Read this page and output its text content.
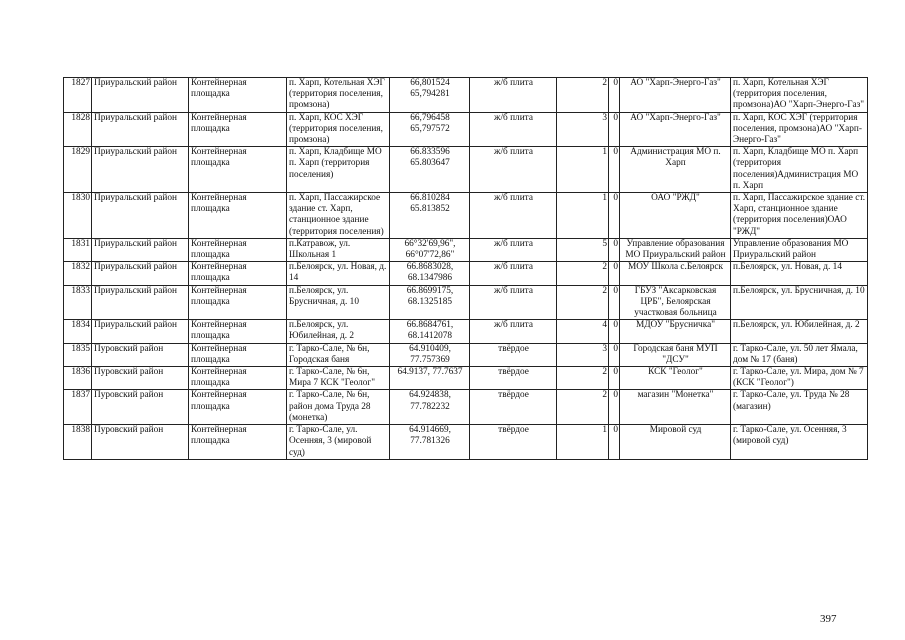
1827	Приуральский район	Контейнерная площадка	п. Харп, Котельная ХЭГ (территория поселения, промзона)	66,801524 65,794281	ж/б плита	2	0	АО "Харп-Энерго-Газ"	п. Харп, Котельная ХЭГ (территория поселения, промзона)АО "Харп-Энерго-Газ"
1828	Приуральский район	Контейнерная площадка	п. Харп, КОС ХЭГ (территория поселения, промзона)	66,796458 65,797572	ж/б плита	3	0	АО "Харп-Энерго-Газ"	п. Харп, КОС ХЭГ (территория поселения, промзона)АО "Харп-Энерго-Газ"
1829	Приуральский район	Контейнерная площадка	п. Харп, Кладбище МО п. Харп (территория поселения)	66.833596 65.803647	ж/б плита	1	0	Администрация МО п. Харп	п. Харп, Кладбище МО п. Харп (территория поселения)Администрация МО п. Харп
1830	Приуральский район	Контейнерная площадка	п. Харп, Пассажирское здание ст. Харп, станционное здание (территория поселения)	66.810284 65.813852	ж/б плита	1	0	ОАО "РЖД"	п. Харп, Пассажирское здание ст. Харп, станционное здание (территория поселения)ОАО "РЖД"
1831	Приуральский район	Контейнерная площадка	п.Катравож, ул. Школьная 1	66°32'69,96", 66°07'72,86"	ж/б плита	5	0	Управление образования МО Приуральский район	Управление образования МО Приуральский район
1832	Приуральский район	Контейнерная площадка	п.Белоярск, ул. Новая, д. 14	66.8683028, 68.1347986	ж/б плита	2	0	МОУ Школа с.Белоярск	п.Белоярск, ул. Новая, д. 14
1833	Приуральский район	Контейнерная площадка	п.Белоярск, ул. Брусничная, д. 10	66.8699175, 68.1325185	ж/б плита	2	0	ГБУЗ "Аксарковская ЦРБ", Белоярская участковая больница	п.Белоярск, ул. Брусничная, д. 10
1834	Приуральский район	Контейнерная площадка	п.Белоярск, ул. Юбилейная, д. 2	66.8684761, 68.1412078	ж/б плита	4	0	МДОУ "Брусничка"	п.Белоярск, ул. Юбилейная, д. 2
1835	Пуровский район	Контейнерная площадка	г. Тарко-Сале, № 6н, Городская баня	64.910409, 77.757369	твёрдое	3	0	Городская баня МУП "ДСУ"	г. Тарко-Сале, ул. 50 лет Ямала, дом № 17 (баня)
1836	Пуровский район	Контейнерная площадка	г. Тарко-Сале, № 6н, Мира 7 КСК "Геолог"	64.9137, 77.7637	твёрдое	2	0	КСК "Геолог"	г. Тарко-Сале, ул. Мира, дом № 7 (КСК "Геолог")
1837	Пуровский район	Контейнерная площадка	г. Тарко-Сале, № 6н, район дома Труда 28 (монетка)	64.924838, 77.782232	твёрдое	2	0	магазин "Монетка"	г. Тарко-Сале, ул. Труда № 28 (магазин)
1838	Пуровский район	Контейнерная площадка	г. Тарко-Сале, ул. Осенняя, 3 (мировой суд)	64.914669, 77.781326	твёрдое	1	0	Мировой суд	г. Тарко-Сале, ул. Осенняя, 3 (мировой суд)
397
